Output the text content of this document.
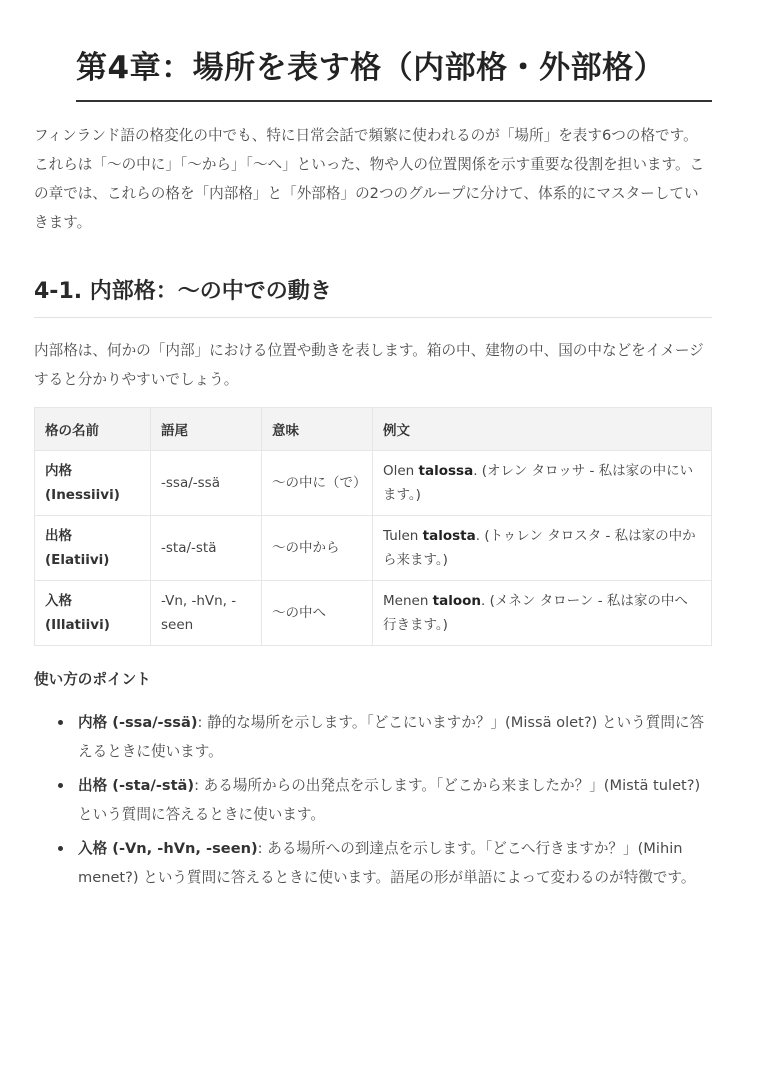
第4章：場所を表す格（内部格・外部格）

フィンランド語の格変化の中でも、特に日常会話で頻繁に使われるのが「場所」を表す6つの格です。これらは「〜の中に」「〜から」「〜へ」といった、物や人の位置関係を示す重要な役割を担います。この章では、これらの格を「内部格」と「外部格」の2つのグループに分けて、体系的にマスターしていきます。

4-1. 内部格：〜の中での動き

内部格は、何かの「内部」における位置や動きを表します。箱の中、建物の中、国の中などをイメージすると分かりやすいでしょう。

格の名前	語尾	意味	例文
内格 (Inessiivi)	-ssa/-ssä	〜の中に（で）	Olen talossa. (オレン タロッサ - 私は家の中にいます。)
出格 (Elatiivi)	-sta/-stä	〜の中から	Tulen talosta. (トゥレン タロスタ - 私は家の中から来ます。)
入格 (Illatiivi)	-Vn, -hVn, -seen	〜の中へ	Menen taloon. (メネン タローン - 私は家の中へ行きます。)
使い方のポイント
内格 (-ssa/-ssä): 静的な場所を示します。「どこにいますか？」(Missä olet?) という質問に答えるときに使います。
出格 (-sta/-stä): ある場所からの出発点を示します。「どこから来ましたか？」(Mistä tulet?) という質問に答えるときに使います。
入格 (-Vn, -hVn, -seen): ある場所への到達点を示します。「どこへ行きますか？」(Mihin menet?) という質問に答えるときに使います。語尾の形が単語によって変わるのが特徴です。
